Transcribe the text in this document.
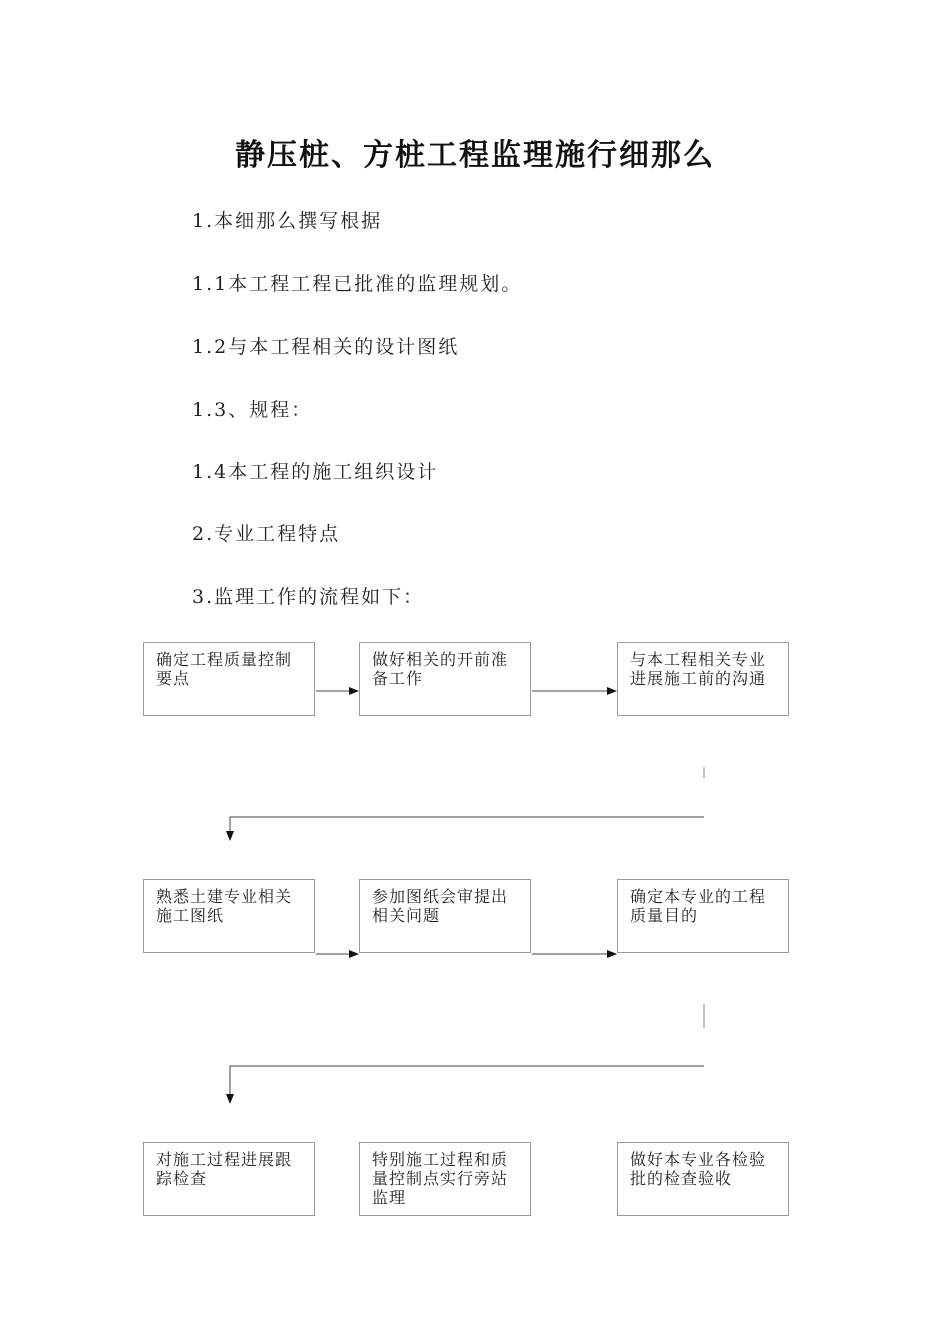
静压桩、方桩工程监理施行细那么
1.本细那么撰写根据
1.1本工程工程已批准的监理规划。
1.2与本工程相关的设计图纸
1.3、规程：
1.4本工程的施工组织设计
2.专业工程特点
3.监理工作的流程如下：
确定工程质量控制要点
做好相关的开前准备工作
与本工程相关专业进展施工前的沟通
熟悉土建专业相关施工图纸
参加图纸会审提出相关问题
确定本专业的工程质量目的
对施工过程进展跟踪检查
特别施工过程和质量控制点实行旁站监理
做好本专业各检验批的检查验收
